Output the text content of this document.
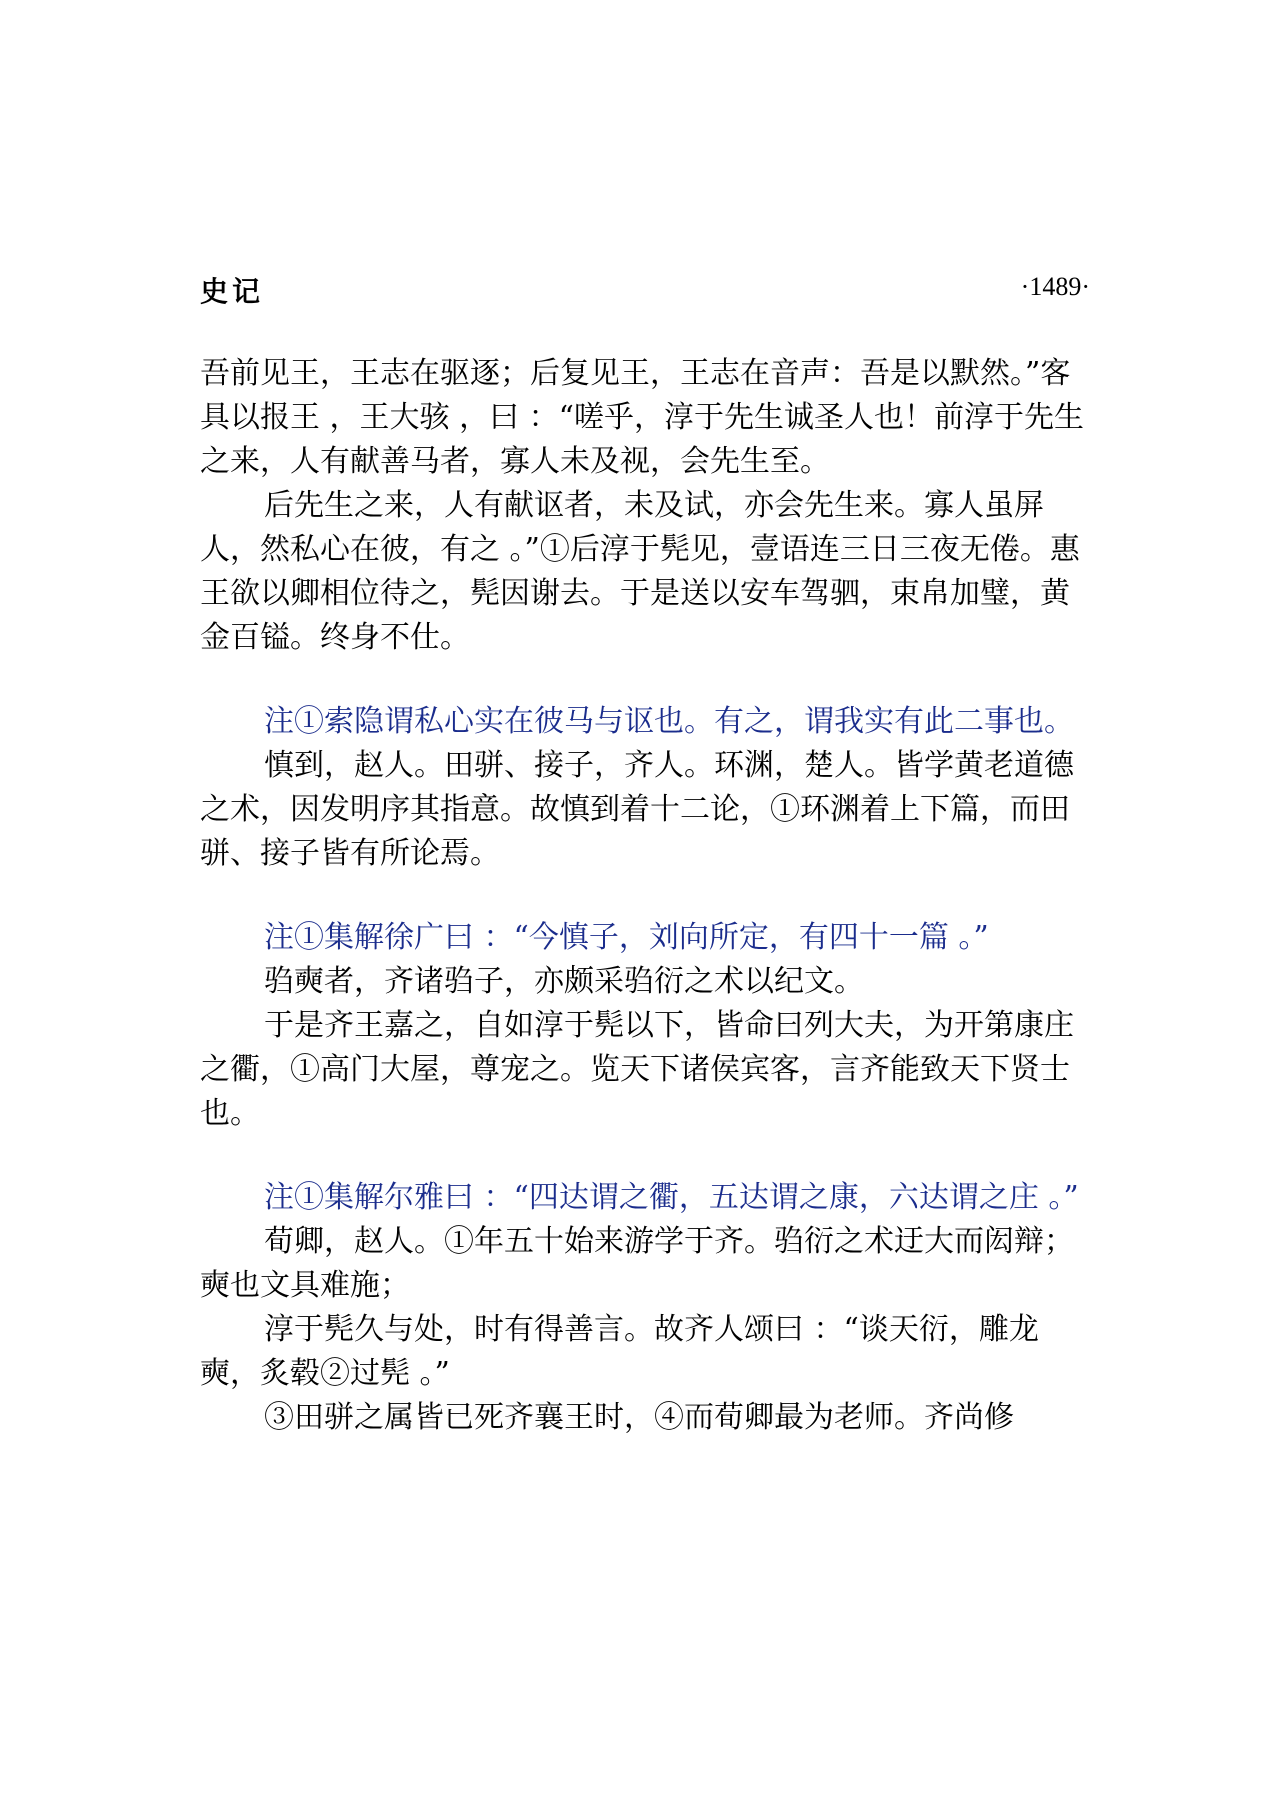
史记	·1489·

吾前见王，王志在驱逐；后复见王，王志在音声：吾是以默然。”客具以报王 ，王大骇 ，曰 ：“嗟乎，淳于先生诚圣人也！前淳于先生之来，人有献善马者，寡人未及视，会先生至。

后先生之来，人有献讴者，未及试，亦会先生来。寡人虽屏人，然私心在彼，有之 。”①后淳于髡见，壹语连三日三夜无倦。惠王欲以卿相位待之，髡因谢去。于是送以安车驾驷，束帛加璧，黄金百镒。终身不仕。

注①索隐谓私心实在彼马与讴也。有之，谓我实有此二事也。

慎到，赵人。田骈、接子，齐人。环渊，楚人。皆学黄老道德之术，因发明序其指意。故慎到着十二论，①环渊着上下篇，而田骈、接子皆有所论焉。

注①集解徐广曰 ：“今慎子，刘向所定，有四十一篇 。”

驺奭者，齐诸驺子，亦颇采驺衍之术以纪文。

于是齐王嘉之，自如淳于髡以下，皆命曰列大夫，为开第康庄之衢，①高门大屋，尊宠之。览天下诸侯宾客，言齐能致天下贤士也。

注①集解尔雅曰 ：“四达谓之衢，五达谓之康，六达谓之庄 。”

荀卿，赵人。①年五十始来游学于齐。驺衍之术迂大而闳辩；奭也文具难施；

淳于髡久与处，时有得善言。故齐人颂曰 ：“谈天衍，雕龙奭，炙毂②过髡 。”

③田骈之属皆已死齐襄王时，④而荀卿最为老师。齐尚修
